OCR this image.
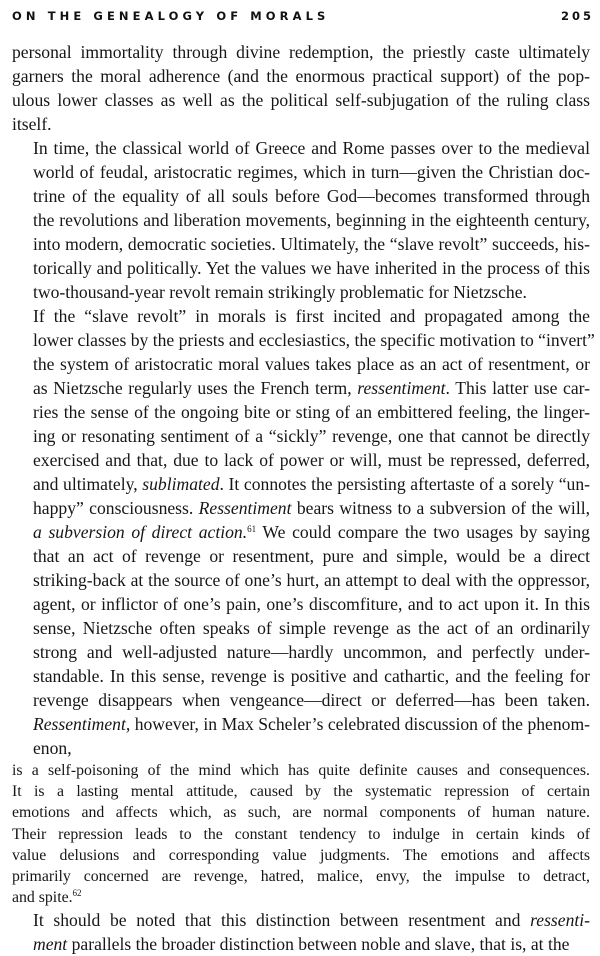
ON THE GENEALOGY OF MORALS	205

personal immortality through divine redemption, the priestly caste ultimately
garners the moral adherence (and the enormous practical support) of the pop-
ulous lower classes as well as the political self-subjugation of the ruling class
itself.

In time, the classical world of Greece and Rome passes over to the medieval
world of feudal, aristocratic regimes, which in turn—given the Christian doc-
trine of the equality of all souls before God—becomes transformed through
the revolutions and liberation movements, beginning in the eighteenth century,
into modern, democratic societies. Ultimately, the “slave revolt” succeeds, his-
torically and politically. Yet the values we have inherited in the process of this
two-thousand-year revolt remain strikingly problematic for Nietzsche.

If the “slave revolt” in morals is first incited and propagated among the
lower classes by the priests and ecclesiastics, the specific motivation to “invert”
the system of aristocratic moral values takes place as an act of resentment, or
as Nietzsche regularly uses the French term, ressentiment. This latter use car-
ries the sense of the ongoing bite or sting of an embittered feeling, the linger-
ing or resonating sentiment of a “sickly” revenge, one that cannot be directly
exercised and that, due to lack of power or will, must be repressed, deferred,
and ultimately, sublimated. It connotes the persisting aftertaste of a sorely “un-
happy” consciousness. Ressentiment bears witness to a subversion of the will,
a subversion of direct action.$^{61}$ We could compare the two usages by saying
that an act of revenge or resentment, pure and simple, would be a direct
striking-back at the source of one’s hurt, an attempt to deal with the oppressor,
agent, or inflictor of one’s pain, one’s discomfiture, and to act upon it. In this
sense, Nietzsche often speaks of simple revenge as the act of an ordinarily
strong and well-adjusted nature—hardly uncommon, and perfectly under-
standable. In this sense, revenge is positive and cathartic, and the feeling for
revenge disappears when vengeance—direct or deferred—has been taken.
Ressentiment, however, in Max Scheler’s celebrated discussion of the phenom-
enon,

is a self-poisoning of the mind which has quite definite causes and consequences.
It is a lasting mental attitude, caused by the systematic repression of certain
emotions and affects which, as such, are normal components of human nature.
Their repression leads to the constant tendency to indulge in certain kinds of
value delusions and corresponding value judgments. The emotions and affects
primarily concerned are revenge, hatred, malice, envy, the impulse to detract,
and spite.$^{62}$

It should be noted that this distinction between resentment and ressenti-
ment parallels the broader distinction between noble and slave, that is, at the
